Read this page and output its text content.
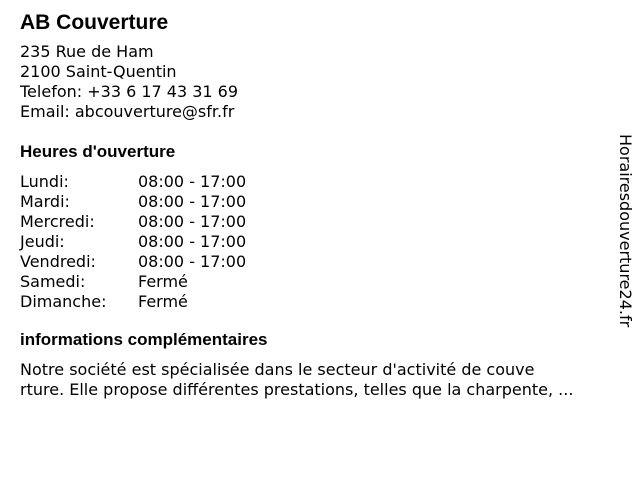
AB Couverture
235 Rue de Ham
2100 Saint-Quentin
Telefon: +33 6 17 43 31 69
Email: abcouverture@sfr.fr
Heures d'ouverture
Lundi:	08:00 - 17:00
Mardi:	08:00 - 17:00
Mercredi:	08:00 - 17:00
Jeudi:	08:00 - 17:00
Vendredi:	08:00 - 17:00
Samedi:	Fermé
Dimanche:	Fermé
informations complémentaires
Notre société est spécialisée dans le secteur d'activité de couve
rture. Elle propose différentes prestations, telles que la charpente, ...
Horairesdouverture24.fr
